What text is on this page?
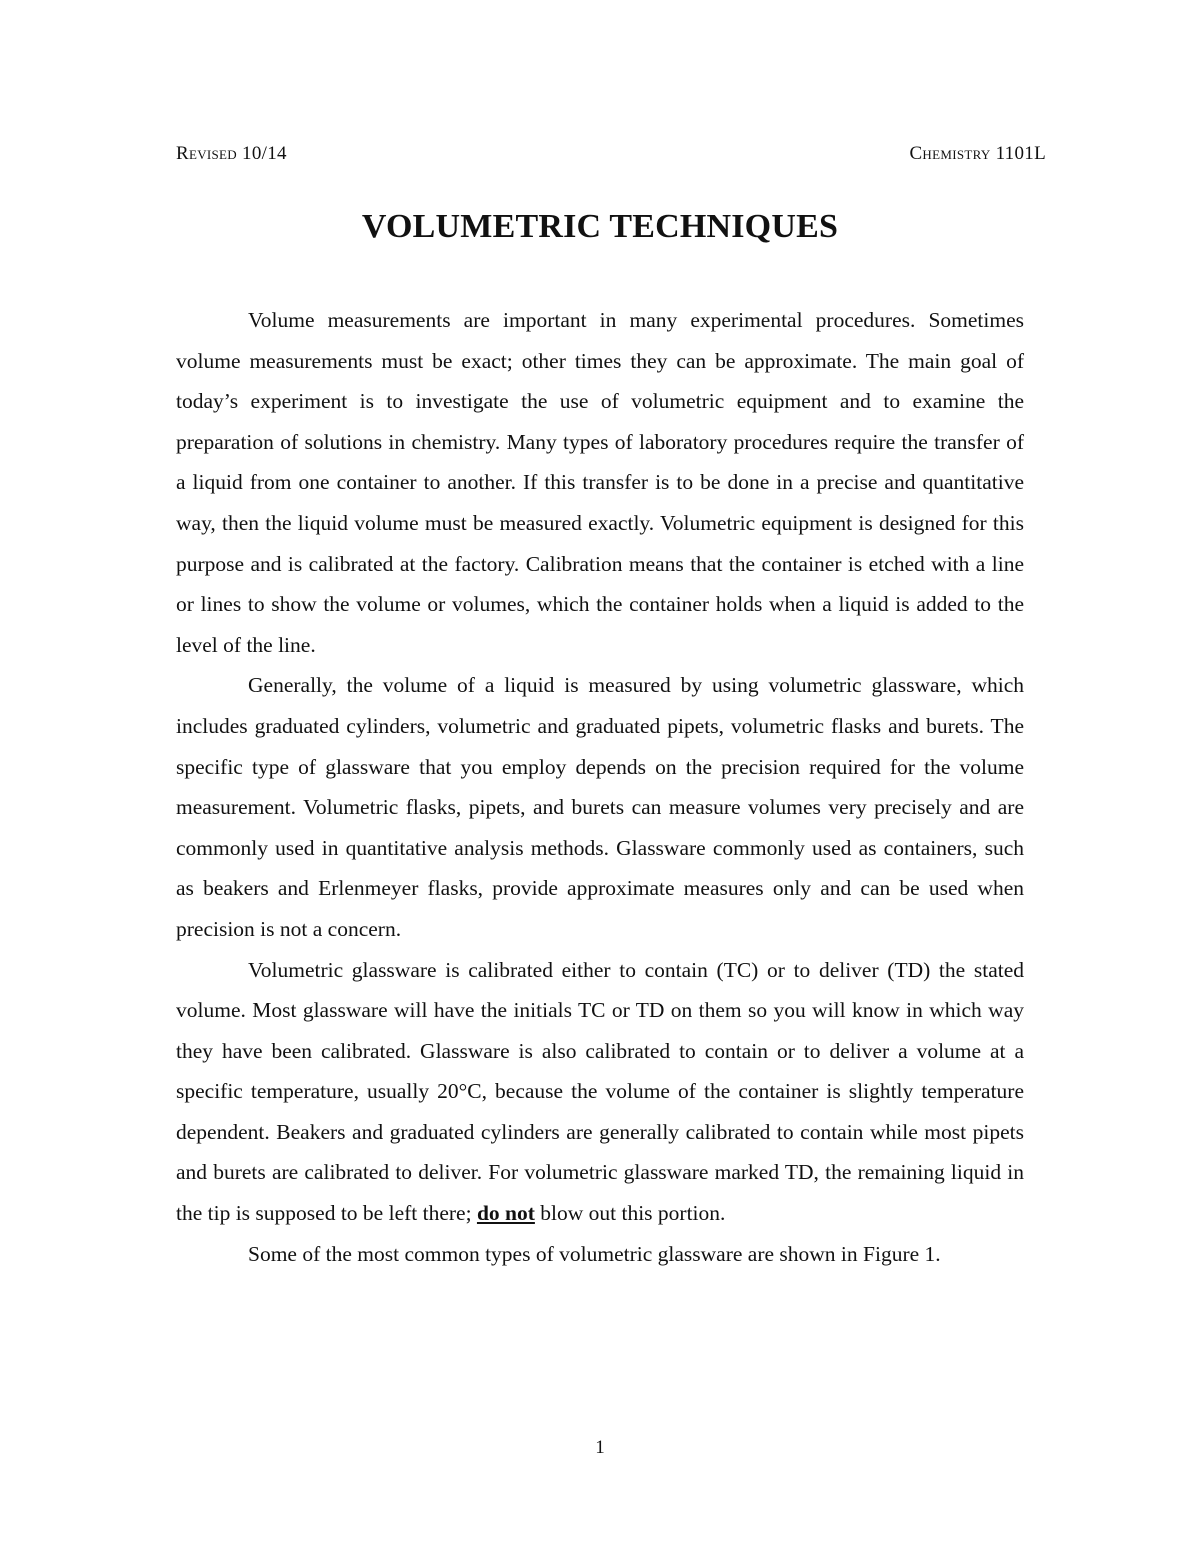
Revised 10/14	Chemistry 1101L
VOLUMETRIC TECHNIQUES

Volume measurements are important in many experimental procedures. Sometimes volume measurements must be exact; other times they can be approximate. The main goal of today’s experiment is to investigate the use of volumetric equipment and to examine the preparation of solutions in chemistry. Many types of laboratory procedures require the transfer of a liquid from one container to another. If this transfer is to be done in a precise and quantitative way, then the liquid volume must be measured exactly. Volumetric equipment is designed for this purpose and is calibrated at the factory. Calibration means that the container is etched with a line or lines to show the volume or volumes, which the container holds when a liquid is added to the level of the line.

Generally, the volume of a liquid is measured by using volumetric glassware, which includes graduated cylinders, volumetric and graduated pipets, volumetric flasks and burets. The specific type of glassware that you employ depends on the precision required for the volume measurement. Volumetric flasks, pipets, and burets can measure volumes very precisely and are commonly used in quantitative analysis methods. Glassware commonly used as containers, such as beakers and Erlenmeyer flasks, provide approximate measures only and can be used when precision is not a concern.

Volumetric glassware is calibrated either to contain (TC) or to deliver (TD) the stated volume. Most glassware will have the initials TC or TD on them so you will know in which way they have been calibrated. Glassware is also calibrated to contain or to deliver a volume at a specific temperature, usually 20°C, because the volume of the container is slightly temperature dependent. Beakers and graduated cylinders are generally calibrated to contain while most pipets and burets are calibrated to deliver. For volumetric glassware marked TD, the remaining liquid in the tip is supposed to be left there; do not blow out this portion.

Some of the most common types of volumetric glassware are shown in Figure 1.

1
